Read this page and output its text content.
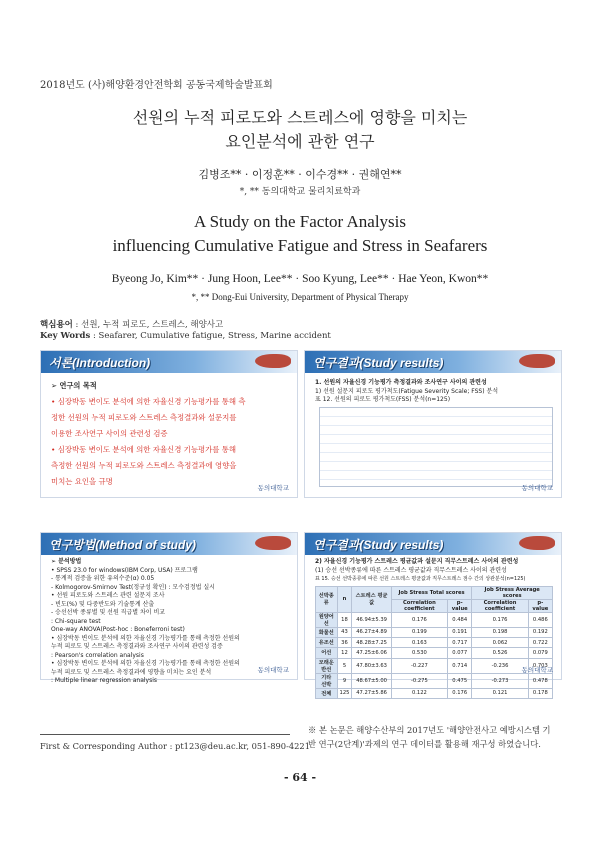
2018년도 (사)해양환경안전학회 공동국제학술발표회
선원의 누적 피로도와 스트레스에 영향을 미치는
요인분석에 관한 연구
김병조** · 이정훈** · 이수경** · 권해연**
*, ** 동의대학교 물리치료학과
A Study on the Factor Analysis
influencing Cumulative Fatigue and Stress in Seafarers
Byeong Jo, Kim** · Jung Hoon, Lee** · Soo Kyung, Lee** · Hae Yeon, Kwon**
*, ** Dong-Eui University, Department of Physical Therapy
핵심용어 : 선원, 누적 피로도, 스트레스, 해양사고
Key Words : Seafarer, Cumulative fatigue, Stress, Marine accident
서론(Introduction)
➢ 연구의 목적
• 심장박동 변이도 분석에 의한 자율신경 기능평가를 통해 측
정한 선원의 누적 피로도와 스트레스 측정결과와 설문지를
이용한 조사연구 사이의 관련성 검증
• 심장박동 변이도 분석에 의한 자율신경 기능평가를 통해
측정한 선원의 누적 피로도와 스트레스 측정결과에 영향을
미치는 요인을 규명
동의대학교
연구결과(Study results)
1. 선원의 자율신경 기능평가 측정결과와 조사연구 사이의 관련성
1) 선원 설문지 피로도 평가척도(Fatigue Severity Scale; FSS) 분석
표 12. 선원의 피로도 평가척도(FSS) 분석(n=125)
동의대학교
연구방법(Method of study)
➢ 분석방법
• SPSS 23.0 for windows(IBM Corp, USA) 프로그램
- 통계적 검증을 위한 유의수준(α) 0.05
- Kolmogorov-Smirnov Test(정규성 확인) : 모수검정법 실시
• 선원 피로도와 스트레스 관련 설문지 조사
- 빈도(%) 및 다중반도와 기술통계 산출
- 승선선박 종류별 및 선원 직급별 차이 비교
: Chi-square test
One-way ANOVA(Post-hoc : Boneferroni test)
• 심장박동 변이도 분석에 의한 자율신경 기능평가를 통해 측정한 선원의
누적 피로도 및 스트레스 측정결과와 조사연구 사이의 관련성 검증
: Pearson's correlation analysis
• 심장박동 변이도 분석에 의한 자율신경 기능평가를 통해 측정한 선원의
누적 피로도 및 스트레스 측정결과에 영향을 미치는 요인 분석
: Multiple linear regression analysis
동의대학교
연구결과(Study results)
2) 자율신경 기능평가 스트레스 평균값과 설문지 직무스트레스 사이의 관련성
(1) 승선 선박종류에 따른 스트레스 평균값과 직무스트레스 사이의 관련성
표 15. 승선 선박종류에 따른 선원 스트레스 평균값과 직무스트레스 점수 간의 상관분석(n=125)
선박종류	n	스트레스 평균값	Job Stress Total scores		Job Stress Average scores	
			Correlation coefficient	p-value	Correlation coefficient	p-value
원양어선	18	46.94±5.39	0.176	0.484	0.176	0.486
화물선	43	46.27±4.89	0.199	0.191	0.198	0.192
유조선	36	48.28±7.25	0.163	0.717	0.062	0.722
어선	12	47.25±6.06	0.530	0.077	0.526	0.079
모래운반선	5	47.80±3.63	-0.227	0.714	-0.236	0.703
기타 선박	9	48.67±5.00	-0.275	0.475	-0.273	0.478
전체	125	47.27±5.86	0.122	0.176	0.121	0.178
동의대학교
※ 본 논문은 해양수산부의 2017년도 '해양안전사고 예방시스템 기반 연구(2단계)'과제의 연구 데이터를 활용해 재구성 하였습니다.
First & Corresponding Author : pt123@deu.ac.kr, 051-890-4221
- 64 -
